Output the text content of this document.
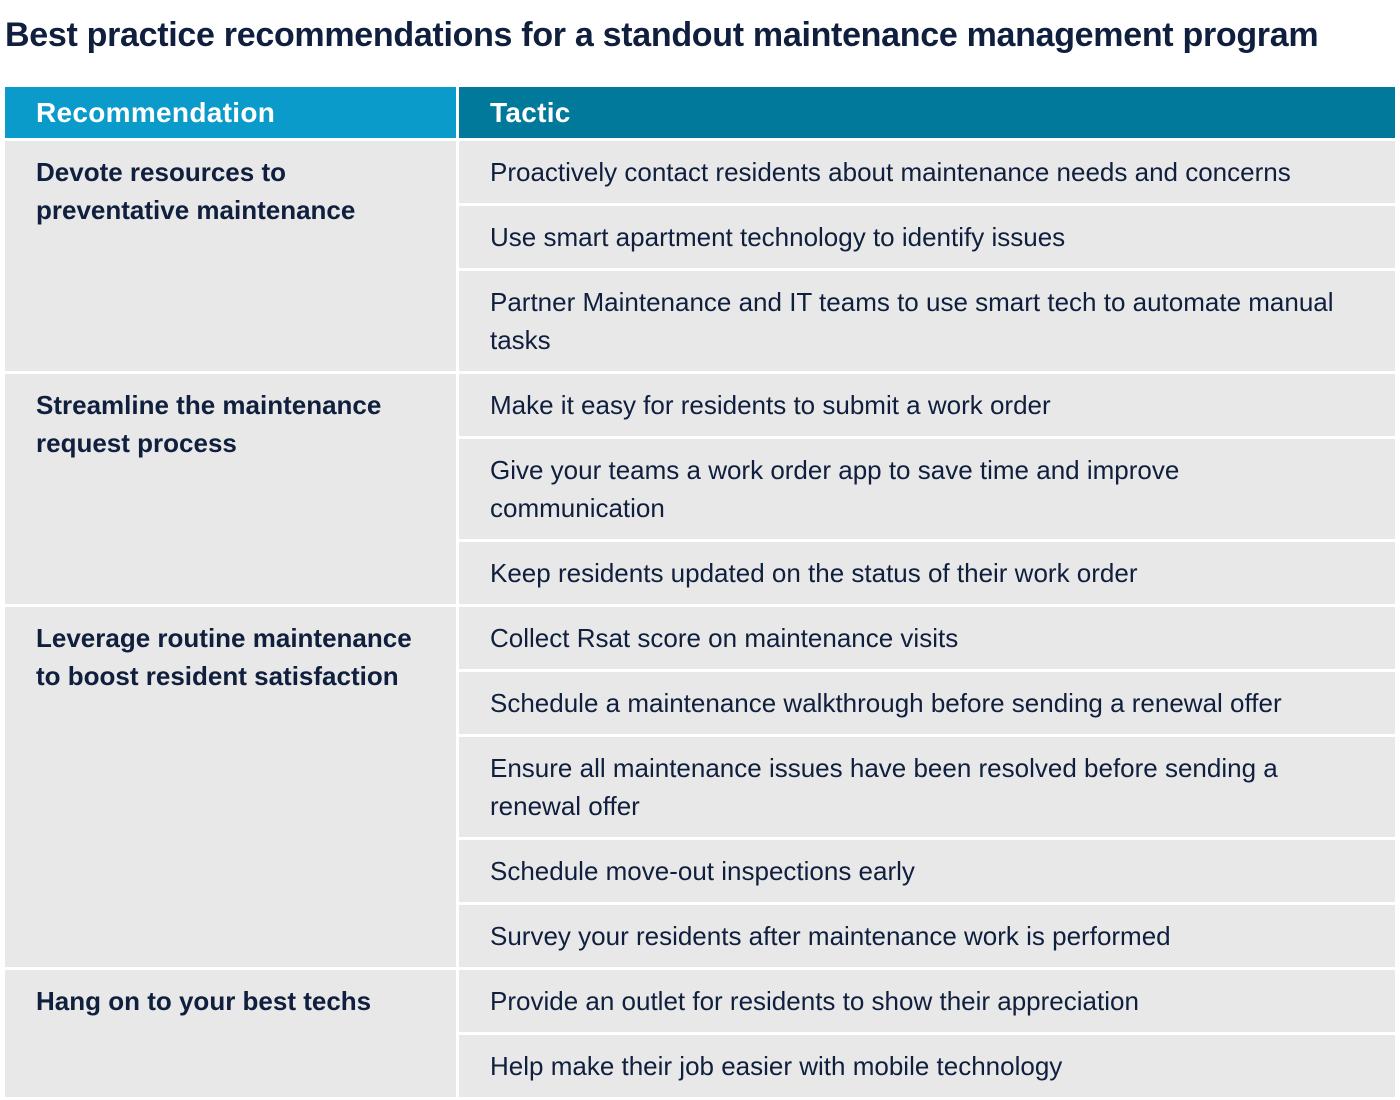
Best practice recommendations for a standout maintenance management program
Recommendation	Tactic
Devote resources to preventative maintenance
Proactively contact residents about maintenance needs and concerns
Use smart apartment technology to identify issues
Partner Maintenance and IT teams to use smart tech to automate manual tasks
Streamline the maintenance request process
Make it easy for residents to submit a work order
Give your teams a work order app to save time and improve communication
Keep residents updated on the status of their work order
Leverage routine maintenance to boost resident satisfaction
Collect Rsat score on maintenance visits
Schedule a maintenance walkthrough before sending a renewal offer
Ensure all maintenance issues have been resolved before sending a renewal offer
Schedule move-out inspections early
Survey your residents after maintenance work is performed
Hang on to your best techs	Provide an outlet for residents to show their appreciation
Help make their job easier with mobile technology
